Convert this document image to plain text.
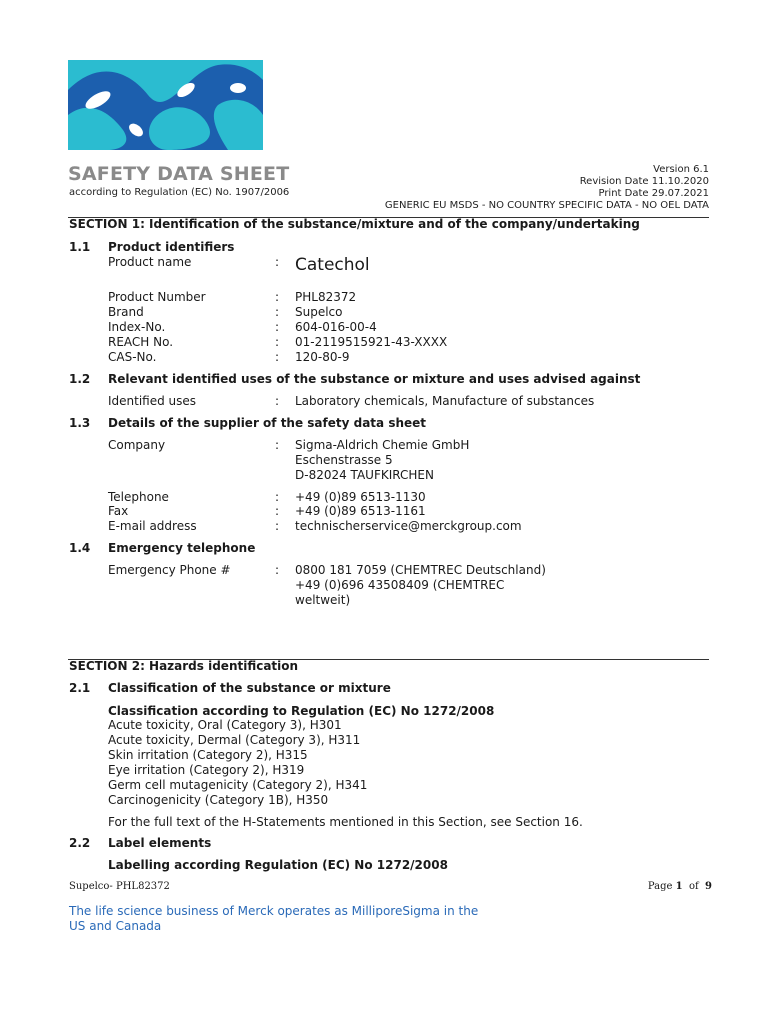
SAFETY DATA SHEET
according to Regulation (EC) No. 1907/2006
Version 6.1
Revision Date 11.10.2020
Print Date 29.07.2021
GENERIC EU MSDS - NO COUNTRY SPECIFIC DATA - NO OEL DATA
SECTION 1: Identification of the substance/mixture and of the company/undertaking
1.1 Product identifiers
Product name	: Catechol
Product Number	: PHL82372
Brand	: Supelco
Index-No.	: 604-016-00-4
REACH No.	: 01-2119515921-43-XXXX
CAS-No.	: 120-80-9
1.2 Relevant identified uses of the substance or mixture and uses advised against
Identified uses	: Laboratory chemicals, Manufacture of substances
1.3 Details of the supplier of the safety data sheet
Company	: Sigma-Aldrich Chemie GmbH
Eschenstrasse 5
D-82024 TAUFKIRCHEN
Telephone	: +49 (0)89 6513-1130
Fax	: +49 (0)89 6513-1161
E-mail address	: technischerservice@merckgroup.com
1.4 Emergency telephone
Emergency Phone #	: 0800 181 7059 (CHEMTREC Deutschland)
+49 (0)696 43508409 (CHEMTREC
weltweit)
SECTION 2: Hazards identification
2.1 Classification of the substance or mixture
Classification according to Regulation (EC) No 1272/2008
Acute toxicity, Oral (Category 3), H301
Acute toxicity, Dermal (Category 3), H311
Skin irritation (Category 2), H315
Eye irritation (Category 2), H319
Germ cell mutagenicity (Category 2), H341
Carcinogenicity (Category 1B), H350
For the full text of the H-Statements mentioned in this Section, see Section 16.
2.2 Label elements
Labelling according Regulation (EC) No 1272/2008
Supelco- PHL82372	Page 1 of 9
The life science business of Merck operates as MilliporeSigma in the US and Canada
